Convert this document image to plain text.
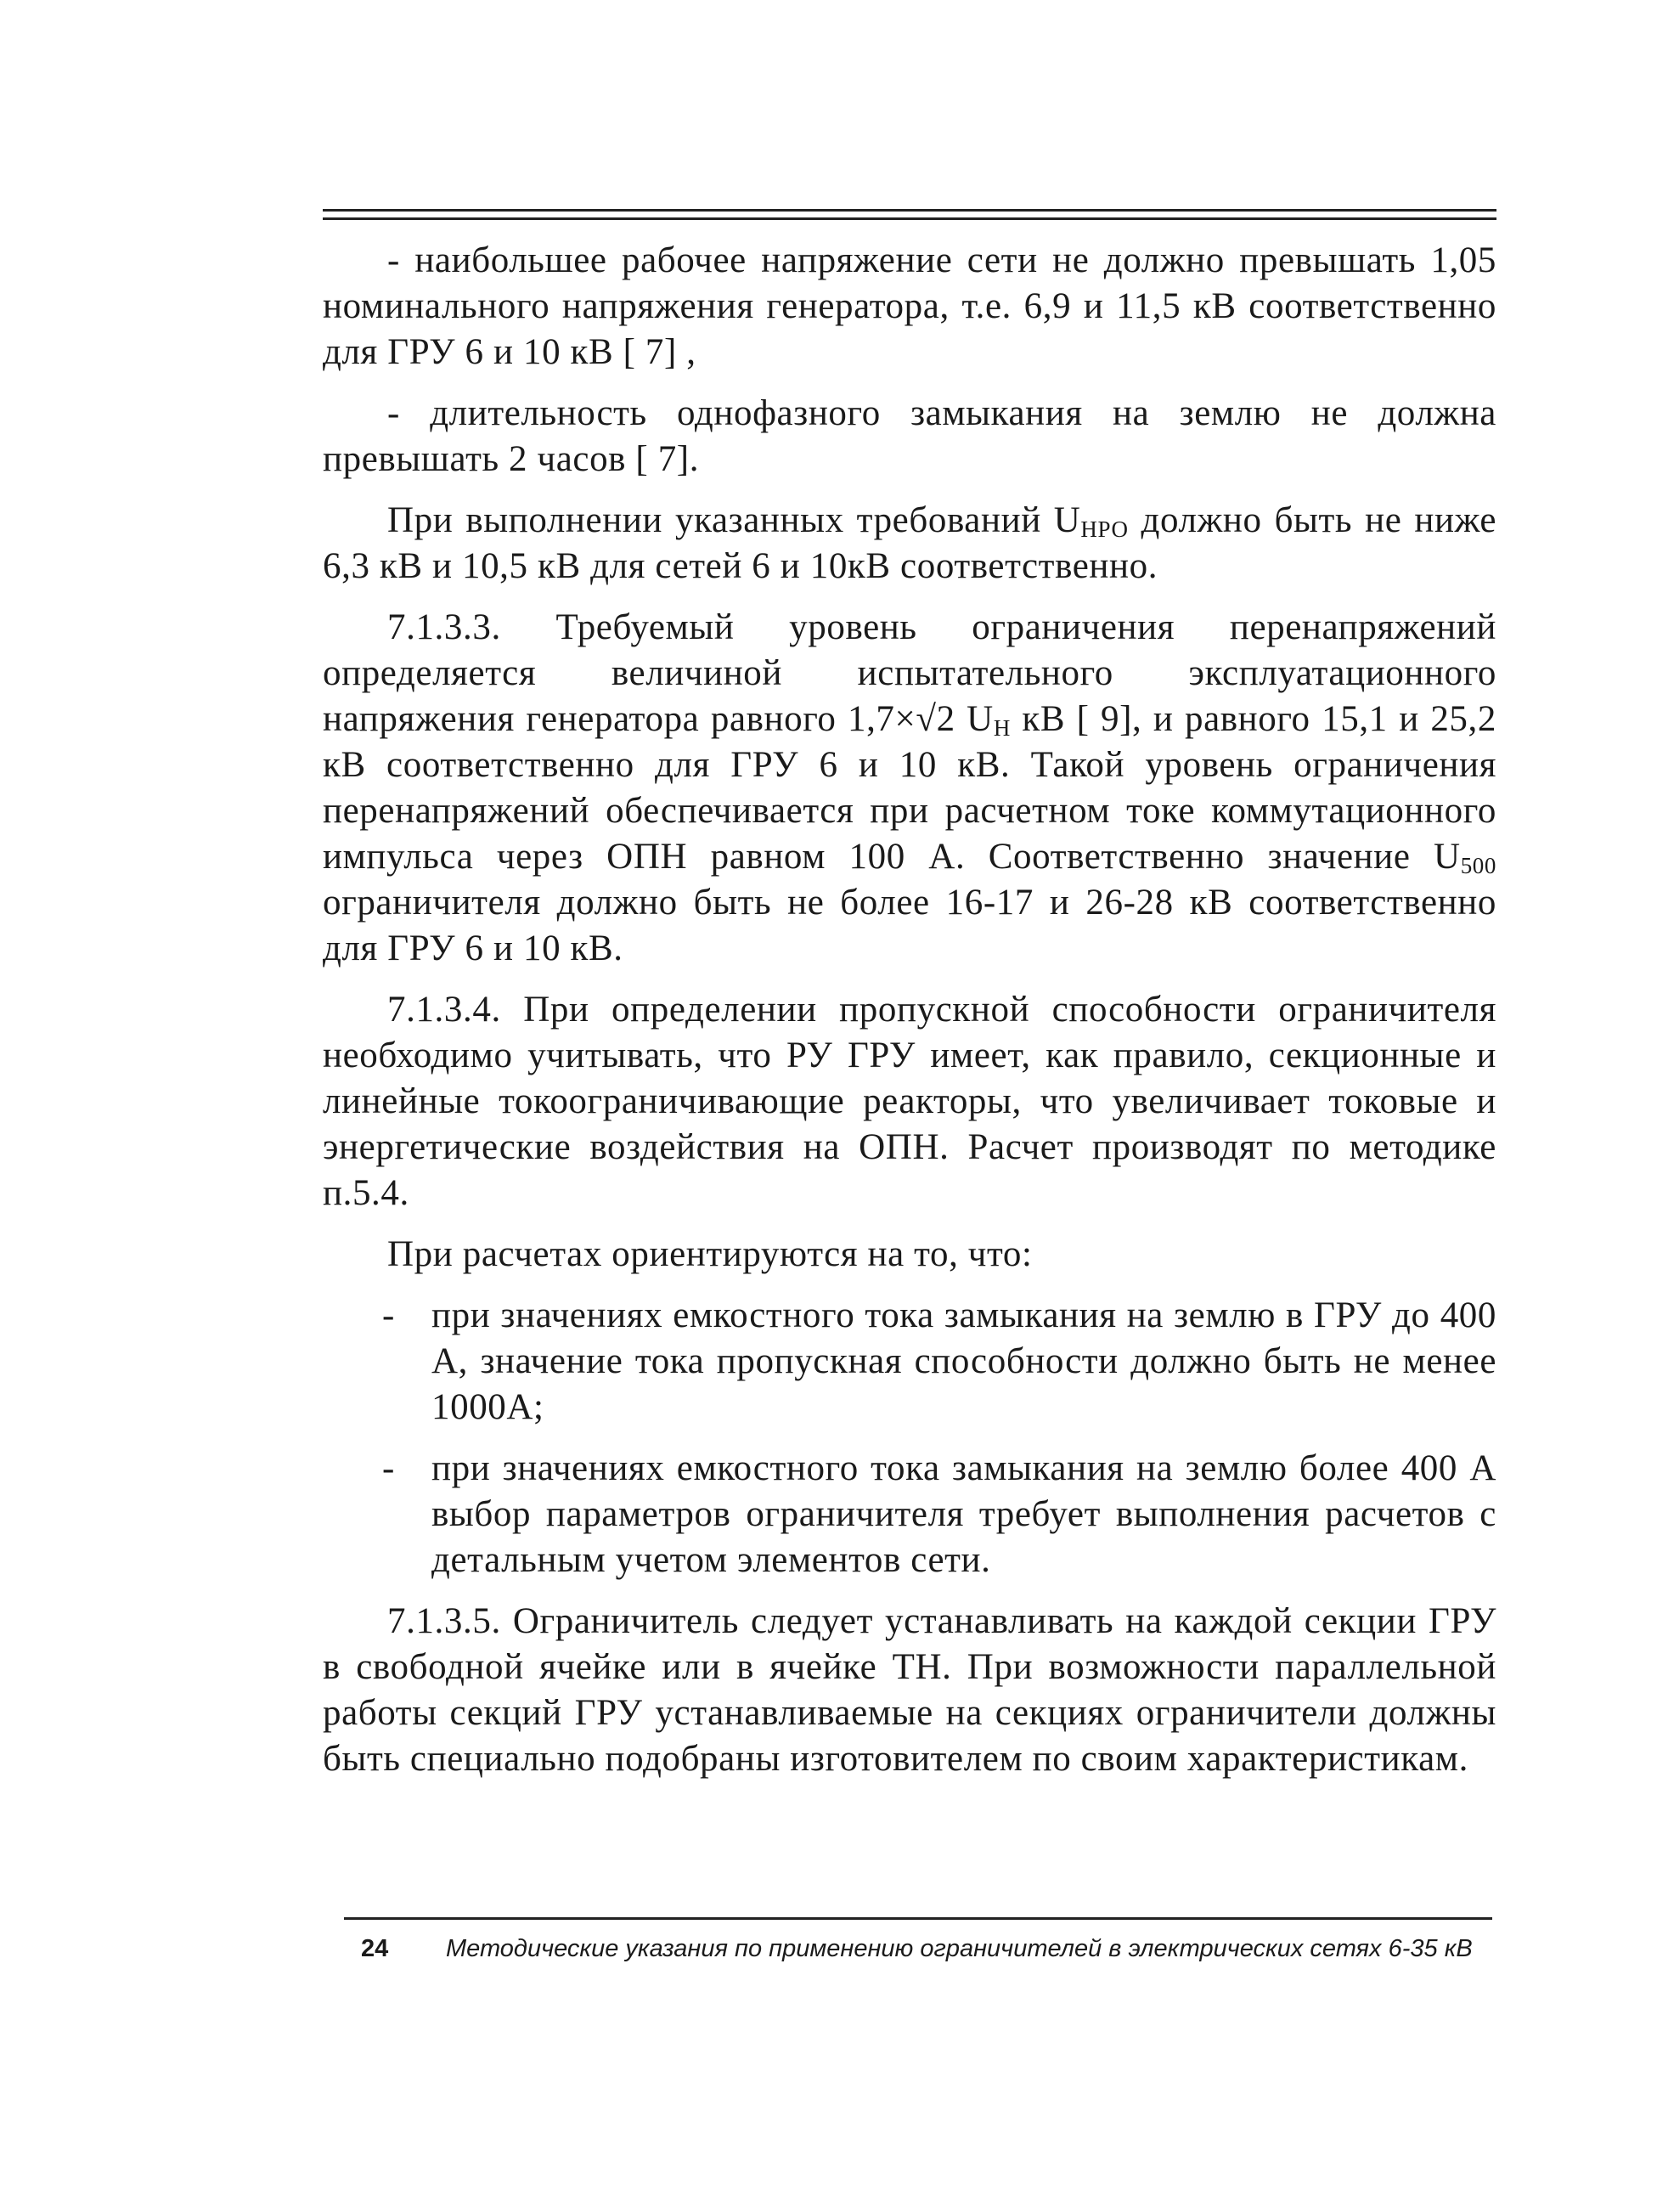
- наибольшее рабочее напряжение сети не должно превышать 1,05 номинального напряжения генератора, т.е. 6,9 и 11,5 кВ соответственно для ГРУ 6 и 10 кВ [ 7] ,

- длительность однофазного замыкания на землю не должна превышать 2 часов [ 7].

При выполнении указанных требований $U_{НРО}$ должно быть не ниже 6,3 кВ и 10,5 кВ для сетей 6 и 10кВ соответственно.

7.1.3.3. Требуемый уровень ограничения перенапряжений определяется величиной испытательного эксплуатационного напряжения генератора равного 1,7×√2 $U_Н$ кВ [ 9], и равного 15,1 и 25,2 кВ соответственно для ГРУ 6 и 10 кВ. Такой уровень ограничения перенапряжений обеспечивается при расчетном токе коммутационного импульса через ОПН равном 100 А. Соответственно значение $U_{500}$ ограничителя должно быть не более 16-17 и 26-28 кВ соответственно для ГРУ 6 и 10 кВ.

7.1.3.4. При определении пропускной способности ограничителя необходимо учитывать, что РУ ГРУ имеет, как правило, секционные и линейные токоограничивающие реакторы, что увеличивает токовые и энергетические воздействия на ОПН. Расчет производят по методике п.5.4.

При расчетах ориентируются на то, что:

-	при значениях емкостного тока замыкания на землю в ГРУ до 400 А, значение тока пропускная способности должно быть не менее 1000А;
-	при значениях емкостного тока замыкания на землю более 400 А выбор параметров ограничителя требует выполнения расчетов с детальным учетом элементов сети.

7.1.3.5. Ограничитель следует устанавливать на каждой секции ГРУ в свободной ячейке или в ячейке ТН. При возможности параллельной работы секций ГРУ устанавливаемые на секциях ограничители должны быть специально подобраны изготовителем по своим характеристикам.

24 Методические указания по применению ограничителей в электрических сетях 6-35 кВ
